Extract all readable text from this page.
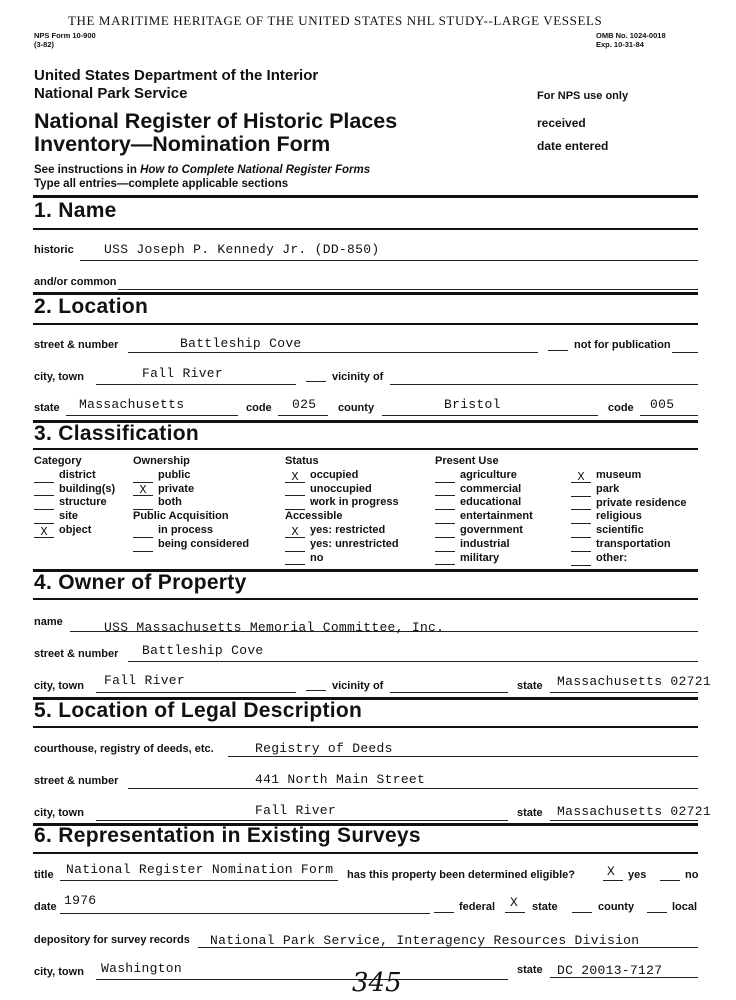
THE MARITIME HERITAGE OF THE UNITED STATES NHL STUDY--LARGE VESSELS
NPS Form 10-900
(3-82)
OMB No. 1024-0018
Exp. 10-31-84
United States Department of the Interior
National Park Service	For NPS use only
National Register of Historic Places
Inventory—Nomination Form
received
date entered
See instructions in How to Complete National Register Forms
Type all entries—complete applicable sections
1. Name
historic USS Joseph P. Kennedy Jr. (DD-850)
and/or common
2. Location
street & number	Battleship Cove	not for publication
city, town	Fall River	vicinity of
state Massachusetts	code 025 county	Bristol	code 005
3. Classification
Category
district
building(s)
structure
site
X	object
Ownership
public
X	private
both
Public Acquisition
in process
being considered
Status
X	occupied
unoccupied
work in progress
Accessible
X	yes: restricted
yes: unrestricted
no
Present Use
agriculture
commercial
educational
entertainment
government
industrial
military
X	museum
park
private residence
religious
scientific
transportation
other:
4. Owner of Property
name	USS Massachusetts Memorial Committee, Inc.
street & number Battleship Cove
city, town Fall River	vicinity of	state Massachusetts 02721
5. Location of Legal Description
courthouse, registry of deeds, etc.	Registry of Deeds
street & number	441 North Main Street
city, town	Fall River	state Massachusetts 02721
6. Representation in Existing Surveys
title National Register Nomination Form has this property been determined eligible? X yes	no
date 1976	federal X state	county	local
depository for survey records National Park Service, Interagency Resources Division
city, town Washington	state DC 20013-7127
345
